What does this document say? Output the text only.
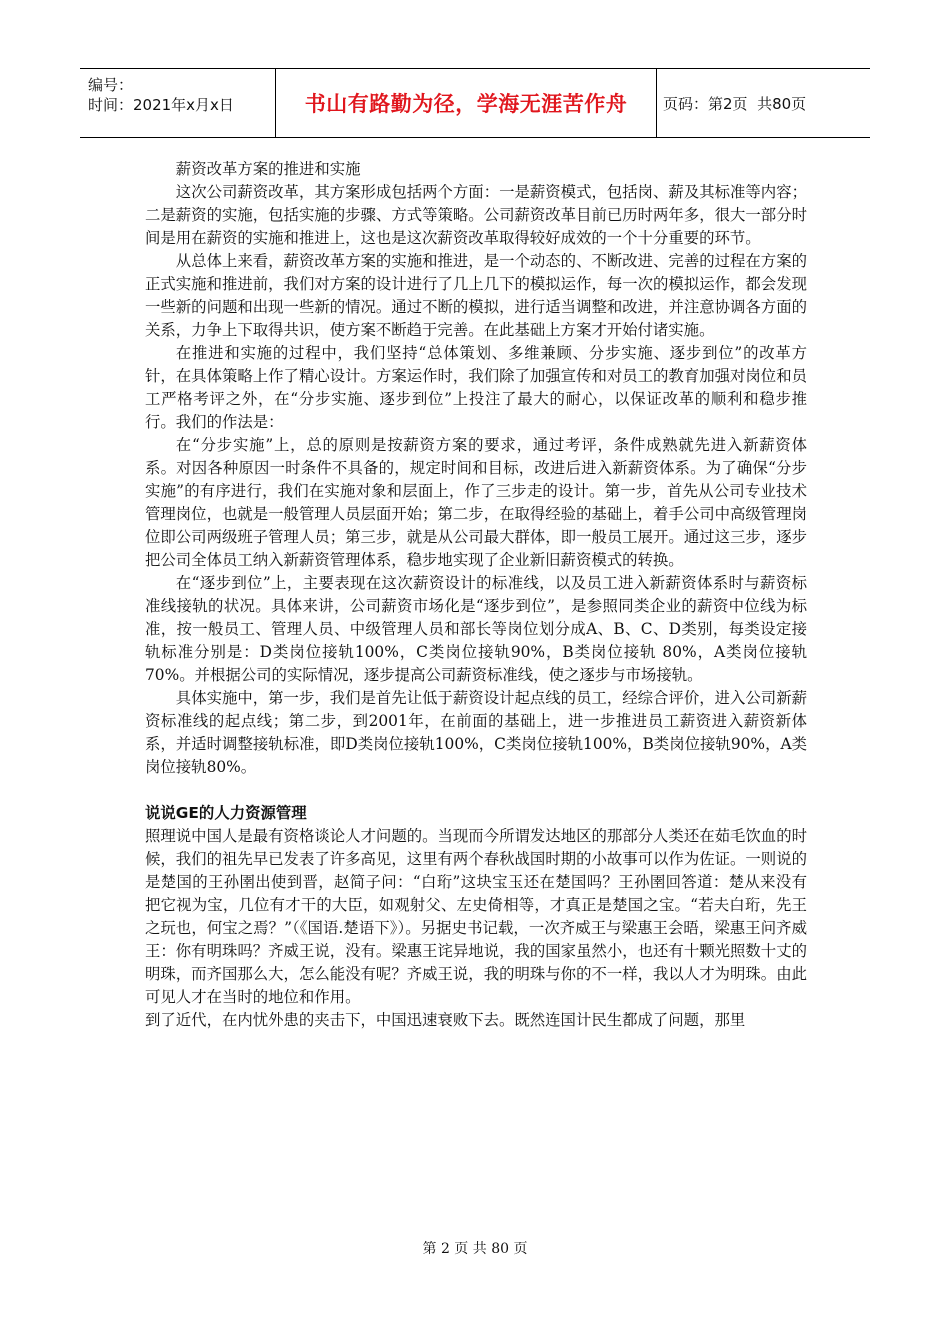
编号：
时间：2021年x月x日	书山有路勤为径，学海无涯苦作舟	页码：第2页  共80页

薪资改革方案的推进和实施

这次公司薪资改革，其方案形成包括两个方面：一是薪资模式，包括岗、薪及其标准等内容；二是薪资的实施，包括实施的步骤、方式等策略。公司薪资改革目前已历时两年多，很大一部分时间是用在薪资的实施和推进上，这也是这次薪资改革取得较好成效的一个十分重要的环节。

从总体上来看，薪资改革方案的实施和推进，是一个动态的、不断改进、完善的过程在方案的正式实施和推进前，我们对方案的设计进行了几上几下的模拟运作，每一次的模拟运作，都会发现一些新的问题和出现一些新的情况。通过不断的模拟，进行适当调整和改进，并注意协调各方面的关系，力争上下取得共识，使方案不断趋于完善。在此基础上方案才开始付诸实施。

在推进和实施的过程中，我们坚持“总体策划、多维兼顾、分步实施、逐步到位”的改革方针，在具体策略上作了精心设计。方案运作时，我们除了加强宣传和对员工的教育加强对岗位和员工严格考评之外，在“分步实施、逐步到位”上投注了最大的耐心，以保证改革的顺利和稳步推行。我们的作法是：

在“分步实施”上，总的原则是按薪资方案的要求，通过考评，条件成熟就先进入新薪资体系。对因各种原因一时条件不具备的，规定时间和目标，改进后进入新薪资体系。为了确保“分步实施”的有序进行，我们在实施对象和层面上，作了三步走的设计。第一步，首先从公司专业技术管理岗位，也就是一般管理人员层面开始；第二步，在取得经验的基础上，着手公司中高级管理岗位即公司两级班子管理人员；第三步，就是从公司最大群体，即一般员工展开。通过这三步，逐步把公司全体员工纳入新薪资管理体系，稳步地实现了企业新旧薪资模式的转换。

在“逐步到位”上，主要表现在这次薪资设计的标准线，以及员工进入新薪资体系时与薪资标准线接轨的状况。具体来讲，公司薪资市场化是“逐步到位”，是参照同类企业的薪资中位线为标准，按一般员工、管理人员、中级管理人员和部长等岗位划分成A、B、C、D类别，每类设定接轨标准分别是：D类岗位接轨100%，C类岗位接轨90%，B类岗位接轨 80%，A类岗位接轨70%。并根据公司的实际情况，逐步提高公司薪资标准线，使之逐步与市场接轨。

具体实施中，第一步，我们是首先让低于薪资设计起点线的员工，经综合评价，进入公司新薪资标准线的起点线；第二步，到2001年，在前面的基础上，进一步推进员工薪资进入薪资新体系，并适时调整接轨标准，即D类岗位接轨100%，C类岗位接轨100%，B类岗位接轨90%，A类岗位接轨80%。

说说GE的人力资源管理

照理说中国人是最有资格谈论人才问题的。当现而今所谓发达地区的那部分人类还在茹毛饮血的时候，我们的祖先早已发表了许多高见，这里有两个春秋战国时期的小故事可以作为佐证。一则说的是楚国的王孙圉出使到晋，赵简子问：“白珩”这块宝玉还在楚国吗？王孙圉回答道：楚从来没有把它视为宝，几位有才干的大臣，如观射父、左史倚相等，才真正是楚国之宝。“若夫白珩，先王之玩也，何宝之焉？”（《国语.楚语下》）。另据史书记载，一次齐威王与梁惠王会晤，梁惠王问齐威王：你有明珠吗？齐威王说，没有。梁惠王诧异地说，我的国家虽然小，也还有十颗光照数十丈的明珠，而齐国那么大，怎么能没有呢？齐威王说，我的明珠与你的不一样，我以人才为明珠。由此可见人才在当时的地位和作用。

到了近代，在内忧外患的夹击下，中国迅速衰败下去。既然连国计民生都成了问题，那里

第 2 页 共 80 页
